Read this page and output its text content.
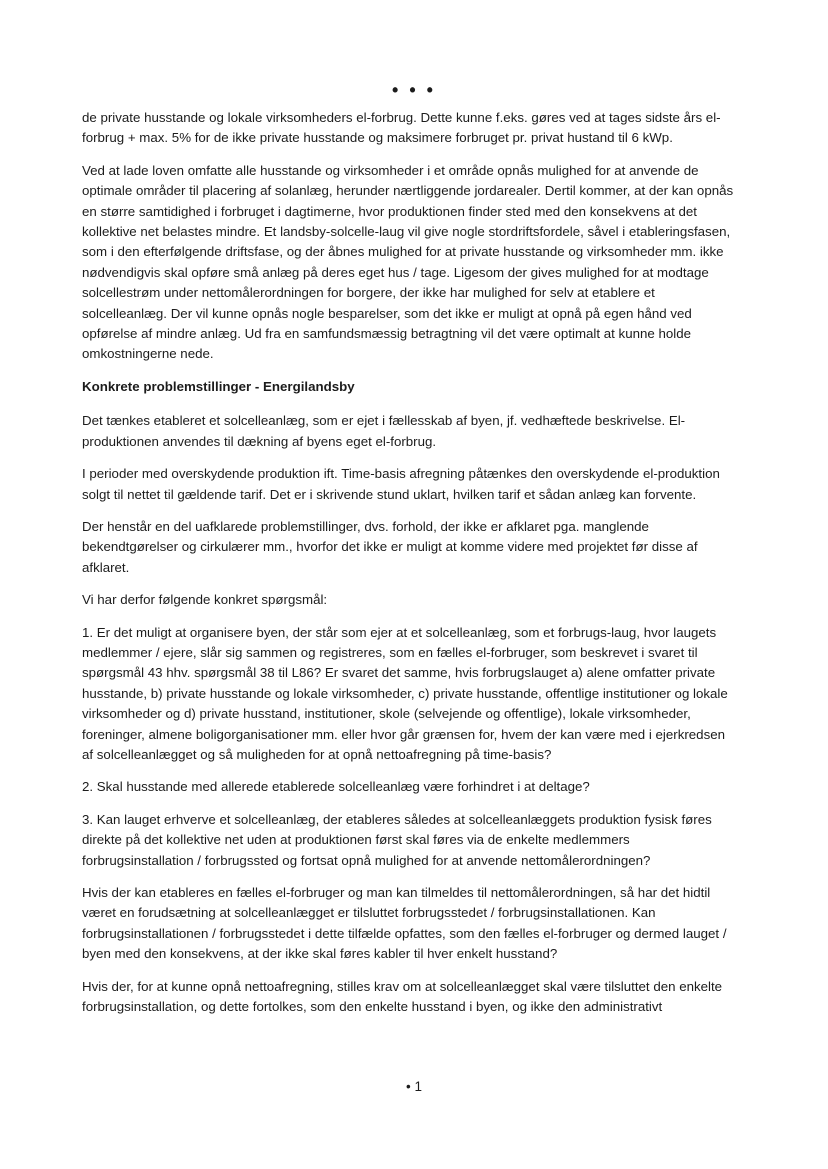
• • •

de private husstande og lokale virksomheders el-forbrug. Dette kunne f.eks. gøres ved at tages sidste års el-forbrug + max. 5% for de ikke private husstande og maksimere forbruget pr. privat hustand til 6 kWp.

Ved at lade loven omfatte alle husstande og virksomheder i et område opnås mulighed for at anvende de optimale områder til placering af solanlæg, herunder nærtliggende jordarealer. Dertil kommer, at der kan opnås en større samtidighed i forbruget i dagtimerne, hvor produktionen finder sted med den konsekvens at det kollektive net belastes mindre. Et landsby-solcelle-laug vil give nogle stordriftsfordele, såvel i etableringsfasen, som i den efterfølgende driftsfase, og der åbnes mulighed for at private husstande og virksomheder mm. ikke nødvendigvis skal opføre små anlæg på deres eget hus / tage. Ligesom der gives mulighed for at modtage solcellestrøm under nettomålerordningen for borgere, der ikke har mulighed for selv at etablere et solcelleanlæg. Der vil kunne opnås nogle besparelser, som det ikke er muligt at opnå på egen hånd ved opførelse af mindre anlæg. Ud fra en samfundsmæssig betragtning vil det være optimalt at kunne holde omkostningerne nede.

Konkrete problemstillinger - Energilandsby

Det tænkes etableret et solcelleanlæg, som er ejet i fællesskab af byen, jf. vedhæftede beskrivelse. El-produktionen anvendes til dækning af byens eget el-forbrug.

I perioder med overskydende produktion ift. Time-basis afregning påtænkes den overskydende el-produktion solgt til nettet til gældende tarif. Det er i skrivende stund uklart, hvilken tarif et sådan anlæg kan forvente.

Der henstår en del uafklarede problemstillinger, dvs. forhold, der ikke er afklaret pga. manglende bekendtgørelser og cirkulærer mm., hvorfor det ikke er muligt at komme videre med projektet før disse af afklaret.

Vi har derfor følgende konkret spørgsmål:

1. Er det muligt at organisere byen, der står som ejer at et solcelleanlæg, som et forbrugs-laug, hvor laugets medlemmer / ejere, slår sig sammen og registreres, som en fælles el-forbruger, som beskrevet i svaret til spørgsmål 43 hhv. spørgsmål 38 til L86? Er svaret det samme, hvis forbrugslauget a) alene omfatter private husstande, b) private husstande og lokale virksomheder, c) private husstande, offentlige institutioner og lokale virksomheder og d) private husstand, institutioner, skole (selvejende og offentlige), lokale virksomheder, foreninger, almene boligorganisationer mm. eller hvor går grænsen for, hvem der kan være med i ejerkredsen af solcelleanlægget og så muligheden for at opnå nettoafregning på time-basis?

2. Skal husstande med allerede etablerede solcelleanlæg være forhindret i at deltage?

3. Kan lauget erhverve et solcelleanlæg, der etableres således at solcelleanlæggets produktion fysisk føres direkte på det kollektive net uden at produktionen først skal føres via de enkelte medlemmers forbrugsinstallation / forbrugssted og fortsat opnå mulighed for at anvende nettomålerordningen?

Hvis der kan etableres en fælles el-forbruger og man kan tilmeldes til nettomålerordningen, så har det hidtil været en forudsætning at solcelleanlægget er tilsluttet forbrugsstedet / forbrugsinstallationen. Kan forbrugsinstallationen / forbrugsstedet i dette tilfælde opfattes, som den fælles el-forbruger og dermed lauget / byen med den konsekvens, at der ikke skal føres kabler til hver enkelt husstand?

Hvis der, for at kunne opnå nettoafregning, stilles krav om at solcelleanlægget skal være tilsluttet den enkelte forbrugsinstallation, og dette fortolkes, som den enkelte husstand i byen, og ikke den administrativt

• 1
